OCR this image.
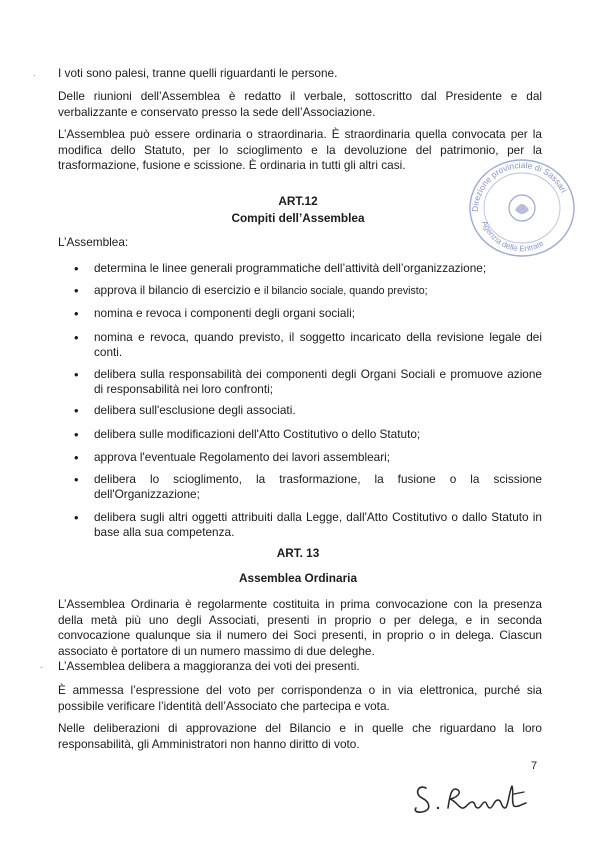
I voti sono palesi, tranne quelli riguardanti le persone.

Delle riunioni dell’Assemblea è redatto il verbale, sottoscritto dal Presidente e dal verbalizzante e conservato presso la sede dell’Associazione.

L’Assemblea può essere ordinaria o straordinaria. È straordinaria quella convocata per la modifica dello Statuto, per lo scioglimento e la devoluzione del patrimonio, per la trasformazione, fusione e scissione. È ordinaria in tutti gli altri casi.

ART.12

Compiti dell’Assemblea

L’Assemblea:

• determina le linee generali programmatiche dell’attività dell’organizzazione;
• approva il bilancio di esercizio e il bilancio sociale, quando previsto;
• nomina e revoca i componenti degli organi sociali;
• nomina e revoca, quando previsto, il soggetto incaricato della revisione legale dei conti.
• delibera sulla responsabilità dei componenti degli Organi Sociali e promuove azione di responsabilità nei loro confronti;
• delibera sull'esclusione degli associati.
• delibera sulle modificazioni dell'Atto Costitutivo o dello Statuto;
• approva l'eventuale Regolamento dei lavori assembleari;
• delibera lo scioglimento, la trasformazione, la fusione o la scissione dell'Organizzazione;
• delibera sugli altri oggetti attribuiti dalla Legge, dall'Atto Costitutivo o dallo Statuto in base alla sua competenza.

ART. 13

Assemblea Ordinaria

L’Assemblea Ordinaria è regolarmente costituita in prima convocazione con la presenza della metà più uno degli Associati, presenti in proprio o per delega, e in seconda convocazione qualunque sia il numero dei Soci presenti, in proprio o in delega. Ciascun associato è portatore di un numero massimo di due deleghe.

L’Assemblea delibera a maggioranza dei voti dei presenti.

È ammessa l’espressione del voto per corrispondenza o in via elettronica, purché sia possibile verificare l’identità dell’Associato che partecipa e vota.

Nelle deliberazioni di approvazione del Bilancio e in quelle che riguardano la loro responsabilità, gli Amministratori non hanno diritto di voto.

7
·
-
Direzione provinciale di Sassari
Agenzia delle Entrate
